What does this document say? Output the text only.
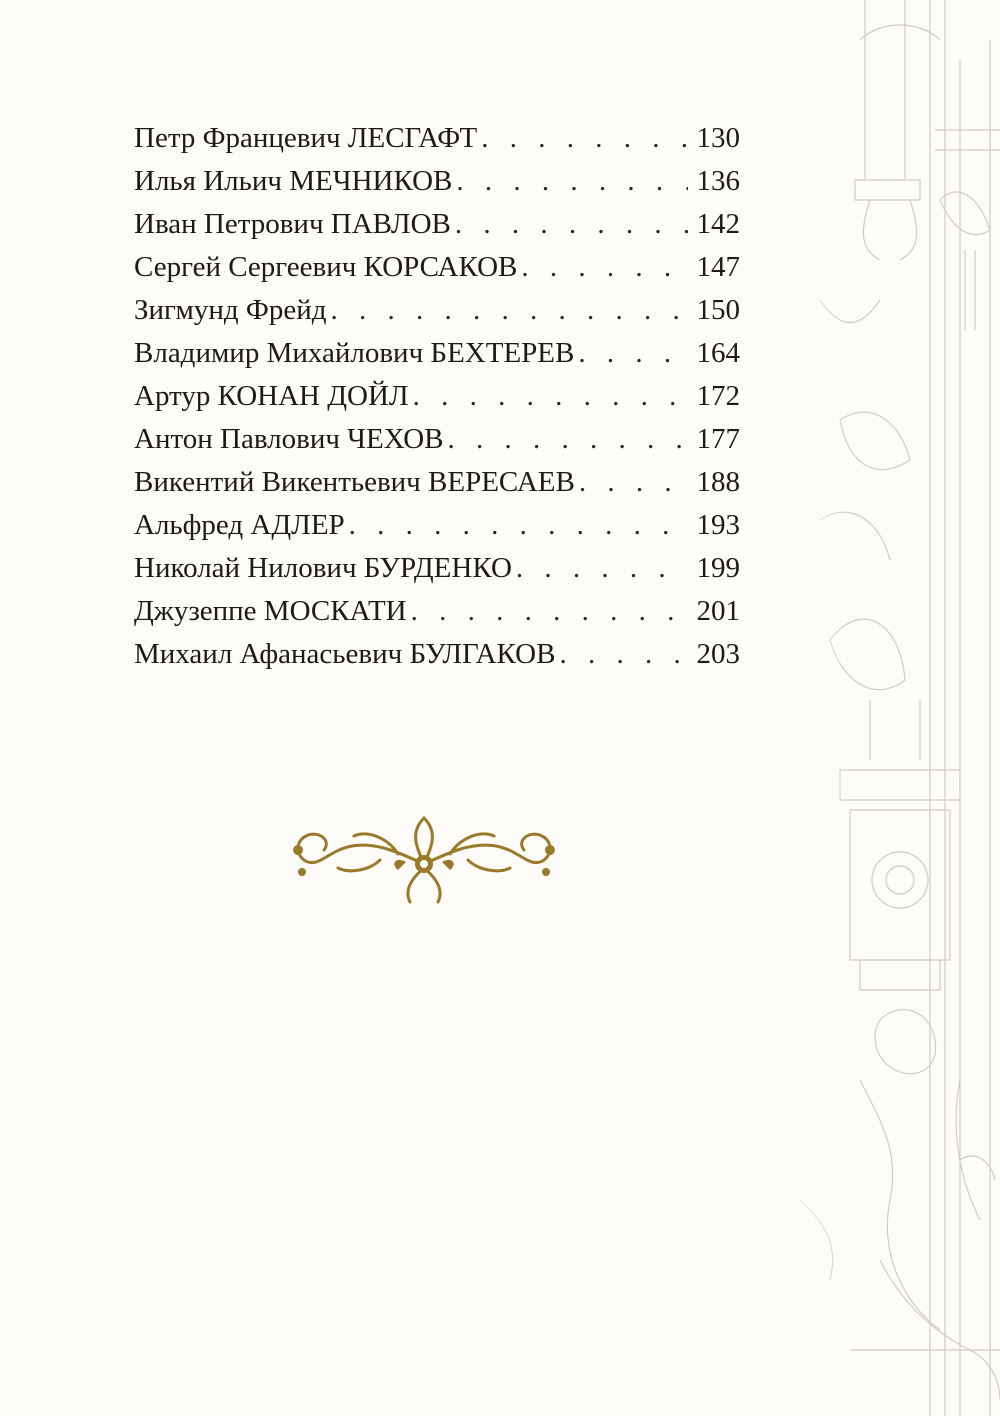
Петр Францевич ЛЕСГАФТ . . .	130
Илья Ильич МЕЧНИКОВ . . .	136
Иван Петрович ПАВЛОВ . . .	142
Сергей Сергеевич КОРСАКОВ . . .	147
Зигмунд Фрейд . . .	150
Владимир Михайлович БЕХТЕРЕВ . . .	164
Артур КОНАН ДОЙЛ . . .	172
Антон Павлович ЧЕХОВ . . .	177
Викентий Викентьевич ВЕРЕСАЕВ . . .	188
Альфред АДЛЕР . . .	193
Николай Нилович БУРДЕНКО . . .	199
Джузеппе МОСКАТИ . . .	201
Михаил Афанасьевич БУЛГАКОВ . . .	203
